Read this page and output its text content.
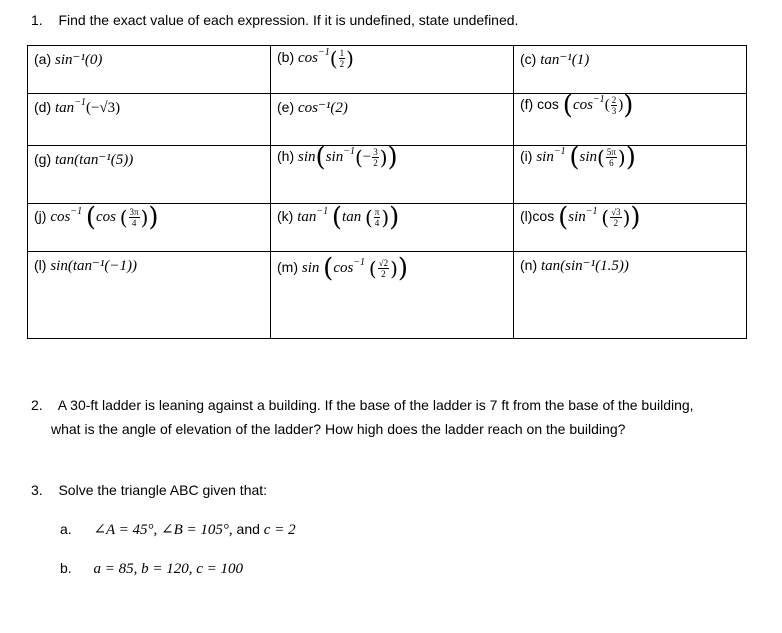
1. Find the exact value of each expression. If it is undefined, state undefined.
(a) sin⁻¹(0)	(b) $\cos^{-1}( \frac{1}{2}$ )	(c) tan⁻¹(1)
(d) $\tan^{-1}(-√3)$	(e) cos⁻¹(2)	(f) $\cos (\cos^{-1}( \frac{2}{3}$ ))
(g) tan(tan⁻¹(5))	(h) $\sin(\sin^{-1}(- \frac{3}{2}$ ))	(i) $\sin^{-1} (\sin( \frac{5\pi}{6}$ ))
(j) $\cos^{-1} (\cos$ ( $\frac{3\pi}{4}$ ))	(k) $\tan^{-1} (\tan$ ( $\frac{\pi}{4}$ ))	(l)cos ($\sin^{-1}$ ( $\frac{√3}{2}$ ))
(l) sin(tan⁻¹(−1))	(m) $\sin (\cos^{-1}$ ( $\frac{√2}{2}$ ))	(n) tan(sin⁻¹(1.5))
2. A 30-ft ladder is leaning against a building. If the base of the ladder is 7 ft from the base of the building,
what is the angle of elevation of the ladder? How high does the ladder reach on the building?
3. Solve the triangle ABC given that:
a. ∠A = 45°, ∠B = 105°, and c = 2
b. a = 85, b = 120, c = 100
